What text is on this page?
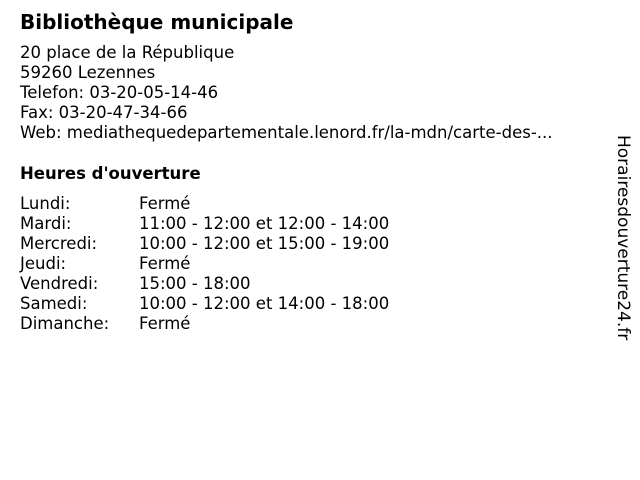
Bibliothèque municipale
20 place de la République
59260 Lezennes
Telefon: 03-20-05-14-46
Fax: 03-20-47-34-66
Web: mediathequedepartementale.lenord.fr/la-mdn/carte-des-...
Heures d'ouverture
Lundi:	Fermé
Mardi:	11:00 - 12:00 et 12:00 - 14:00
Mercredi:	10:00 - 12:00 et 15:00 - 19:00
Jeudi:	Fermé
Vendredi:	15:00 - 18:00
Samedi:	10:00 - 12:00 et 14:00 - 18:00
Dimanche:	Fermé	Horairesdouverture24.fr
